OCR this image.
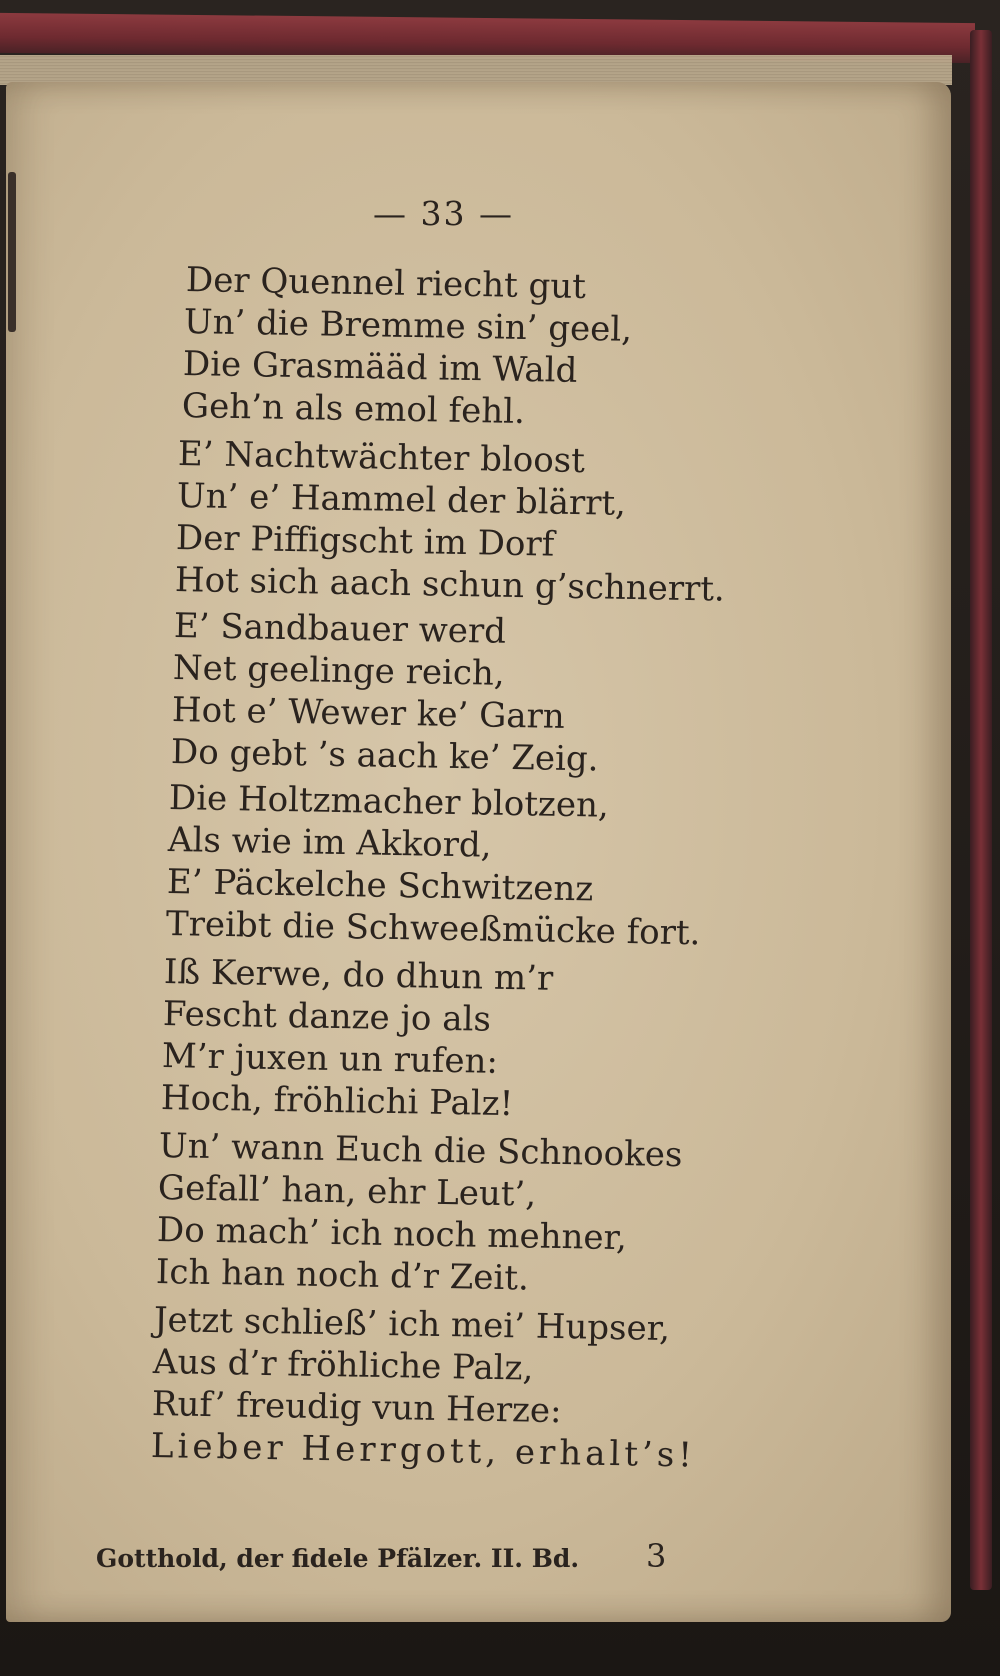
— 33 —
Der Quennel riecht gut
Un’ die Bremme sin’ geel,
Die Grasmääd im Wald
Geh’n als emol fehl.
E’ Nachtwächter bloost
Un’ e’ Hammel der blärrt,
Der Piffigscht im Dorf
Hot sich aach schun g’schnerrt.
E’ Sandbauer werd
Net geelinge reich,
Hot e’ Wewer ke’ Garn
Do gebt ’s aach ke’ Zeig.
Die Holtzmacher blotzen,
Als wie im Akkord,
E’ Päckelche Schwitzenz
Treibt die Schweeßmücke fort.
Iß Kerwe, do dhun m’r
Fescht danze jo als
M’r juxen un rufen:
Hoch, fröhlichi Palz!
Un’ wann Euch die Schnookes
Gefall’ han, ehr Leut’,
Do mach’ ich noch mehner,
Ich han noch d’r Zeit.
Jetzt schließ’ ich mei’ Hupser,
Aus d’r fröhliche Palz,
Ruf’ freudig vun Herze:
Lieber Herrgott, erhalt’s!
Gotthold, der fidele Pfälzer. II. Bd. 3
